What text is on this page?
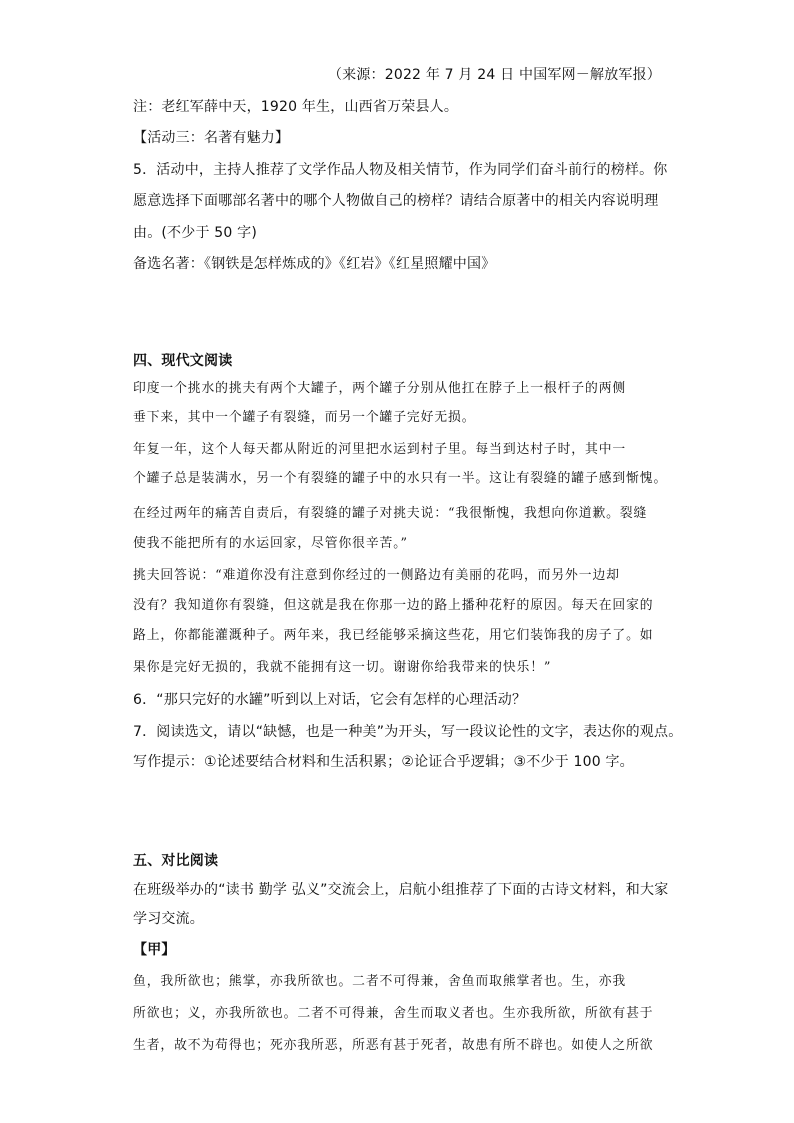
（来源：2022 年 7 月 24 日 中国军网－解放军报）
注：老红军薛中天，1920 年生，山西省万荣县人。
【活动三：名著有魅力】
5．活动中，主持人推荐了文学作品人物及相关情节，作为同学们奋斗前行的榜样。你
愿意选择下面哪部名著中的哪个人物做自己的榜样？请结合原著中的相关内容说明理
由。(不少于 50 字)
备选名著：《钢铁是怎样炼成的》《红岩》《红星照耀中国》
四、现代文阅读
印度一个挑水的挑夫有两个大罐子，两个罐子分别从他扛在脖子上一根杆子的两侧
垂下来，其中一个罐子有裂缝，而另一个罐子完好无损。
年复一年，这个人每天都从附近的河里把水运到村子里。每当到达村子时，其中一
个罐子总是装满水，另一个有裂缝的罐子中的水只有一半。这让有裂缝的罐子感到惭愧。
在经过两年的痛苦自责后，有裂缝的罐子对挑夫说：“我很惭愧，我想向你道歉。裂缝
使我不能把所有的水运回家，尽管你很辛苦。”
挑夫回答说：“难道你没有注意到你经过的一侧路边有美丽的花吗，而另外一边却
没有？我知道你有裂缝，但这就是我在你那一边的路上播种花籽的原因。每天在回家的
路上，你都能灌溉种子。两年来，我已经能够采摘这些花，用它们装饰我的房子了。如
果你是完好无损的，我就不能拥有这一切。谢谢你给我带来的快乐！”
6．“那只完好的水罐”听到以上对话，它会有怎样的心理活动？
7．阅读选文，请以“缺憾，也是一种美”为开头，写一段议论性的文字，表达你的观点。
写作提示：①论述要结合材料和生活积累；②论证合乎逻辑；③不少于 100 字。
五、对比阅读
在班级举办的“读书 勤学 弘义”交流会上，启航小组推荐了下面的古诗文材料，和大家
学习交流。
【甲】
鱼，我所欲也；熊掌，亦我所欲也。二者不可得兼，舍鱼而取熊掌者也。生，亦我
所欲也；义，亦我所欲也。二者不可得兼，舍生而取义者也。生亦我所欲，所欲有甚于
生者，故不为苟得也；死亦我所恶，所恶有甚于死者，故患有所不辟也。如使人之所欲
